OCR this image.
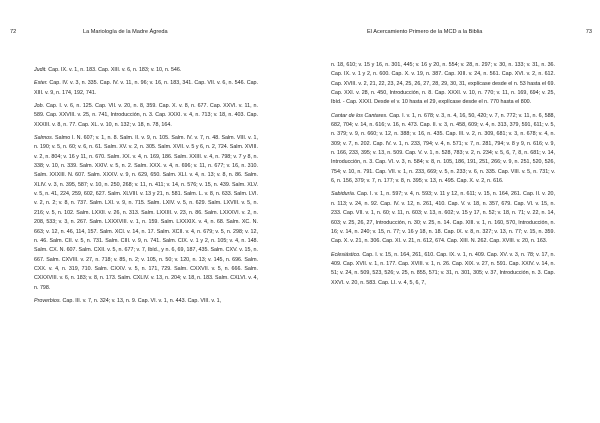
72	La Mariología de la Madre Ágreda

Judit. Cap. IX. v. 1, n. 183. Cap. XIII. v. 6, n. 183; v. 10, n. 546.

Ester. Cap. IV. v. 3, n. 335. Cap. IV. v. 11, n. 96; v. 16, n. 183, 341. Cap. VII. v. 6, n. 546. Cap. XIII. v. 9, n. 174, 192, 741.

Job. Cap. I. v. 6, n. 125. Cap. VII. v. 20, n. 8, 359. Cap. X. v. 8, n. 677. Cap. XXVI. v. 11, n. 589. Cap. XXVIII. v. 25, n. 741, Introducción, n. 3. Cap. XXXI. v. 4, n. 713; v. 18, n. 403. Cap. XXXIII. v. 8, n. 77. Cap. XL. v. 10, n. 132; v. 18, n. 78, 164.

Salmos. Salmo I. N. 607; v. 1, n. 8. Salm. II. v. 9, n. 105. Salm. IV. v. 7, n. 48. Salm. VIII. v. 1, n. 190; v. 5, n. 60; v. 6, n. 61. Salm. XV. v. 2, n. 305. Salm. XVII. v. 5 y 6, n. 2, 724. Salm. XVIII. v. 2, n. 804; v. 16 y 11, n. 670. Salm. XX. v. 4, n. 169, 186. Salm. XXIII. v. 4, n. 798; v. 7 y 8, n. 338; v. 10, n. 339. Salm. XXIV. v. 5, n. 2. Salm. XXX. v. 4, n. 696; v. 11, n. 677; v. 16, n. 310. Salm. XXXIII. N. 607. Salm. XXXV. v. 9, n. 629, 650. Salm. XLI. v. 4, n. 13; v. 8, n. 86. Salm. XLIV. v. 3, n. 395, 587; v. 10, n. 250, 268; v. 11, n. 411; v. 14, n. 576; v. 15, n. 439. Salm. XLV. v. 5, n. 41, 224, 259, 602, 627. Salm. XLVIII. v. 13 y 21, n. 581. Salm. L. v. 8, n. 633. Salm. LVI. v. 2, n. 2; v. 8, n. 737. Salm. LXI. v. 9, n. 715. Salm. LXIV. v. 5, n. 629. Salm. LXVIII. v. 5, n. 216; v. 5, n. 102. Salm. LXXII. v. 26, n. 313. Salm. LXXIII. v. 23, n. 86. Salm. LXXXVI. v. 2, n. 208, 533; v. 3, n. 267. Salm. LXXXVIII. v. 1, n. 159. Salm. LXXXIX. v. 4, n. 68. Salm. XC. N. 663; v. 12, n. 46, 114, 157. Salm. XCI. v. 14, n. 17. Salm. XCII. v. 4, n. 679; v. 5, n. 298; v. 12, n. 46. Salm. CII. v. 5, n. 731. Salm. CIII. v. 9, n. 741. Salm. CIX. v. 1 y 2, n. 105; v. 4, n. 148. Salm. CX. N. 607. Salm. CXII. v. 5, n. 677; v. 7, Ibíd., y n. 6, 69, 187, 435. Salm. CXV. v. 15, n. 667. Salm. CXVIII. v. 27, n. 718; v. 85, n. 2; v. 105, n. 50; v. 120, n. 13; v. 145, n. 696. Salm. CXX. v. 4, n. 319, 710. Salm. CXXV. v. 5, n. 171, 729. Salm. CXXVII. v. 5, n. 666. Salm. CXXXVIII. v. 6, n. 183; v. 8, n. 173. Salm. CXLIV. v. 13, n. 204; v. 18, n. 183. Salm. CXLVI. v. 4, n. 798.

Proverbios. Cap. III. v. 7, n. 324; v. 13, n. 9. Cap. VI. v. 1, n. 443. Cap. VIII. v. 1,

El Acercamiento Primero de la MCD a la Biblia	73

n. 18, 610; v. 15 y 16, n. 301, 445; v. 16 y 20, n. 554; v. 28, n. 297; v. 30, n. 133; v. 31, n. 36. Cap. IX. v. 1 y 2, n. 600. Cap. X. v. 19, n. 387. Cap. XIII. v. 24, n. 561. Cap. XVI. v. 2, n. 612. Cap. XVIII. v. 2, 21, 22, 23, 24, 25, 26, 27, 28, 29, 30, 31, explícase desde el n. 53 hasta el 69. Cap. XXI. v. 28, n. 450, Introducción, n. 8. Cap. XXXI. v. 10, n. 770; v. 11, n. 169, 694; v. 25, Ibíd. - Cap. XXXI. Desde el v. 10 hasta el 29, explícase desde el n. 770 hasta el 800.

Cantar de los Cantares. Cap. I. v. 1, n. 678; v. 3, n. 4, 16, 50, 420; v. 7, n. 772; v. 11, n. 6, 588, 682, 704; v. 14, n. 616; v. 16, n. 473. Cap. II. v. 3, n. 458, 609; v. 4, n. 313, 379, 591, 611; v. 5, n. 379; v. 9, n. 660; v. 12, n. 388; v. 16, n. 435. Cap. III. v. 2, n. 309, 681; v. 3, n. 678; v. 4, n. 309; v. 7, n. 202. Cap. IV. v. 1, n. 233, 794; v. 4, n. 571; v. 7, n. 281, 794; v. 8 y 9, n. 616; v. 9, n. 166, 233, 395; v. 13, n. 509. Cap. V. v. 1, n. 528, 783; v. 2, n. 234; v. 5, 6, 7, 8, n. 681; v. 14, Introducción, n. 3. Cap. VI. v. 3, n. 584; v. 8, n. 105, 186, 191, 251, 266; v. 9, n. 251, 520, 526, 754; v. 10, n. 791. Cap. VII. v. 1, n. 233, 669; v. 5, n. 233; v. 6, n. 335. Cap. VIII. v. 5, n. 731; v. 6, n. 156, 379; v. 7, n. 177; v. 8, n. 395; v. 13, n. 495. Cap. X. v. 2, n. 616.

Sabiduría. Cap. I. v. 1, n. 597; v. 4, n. 593; v. 11 y 12, n. 611; v. 15, n. 164, 261. Cap. II. v. 20, n. 113; v. 24, n. 92. Cap. IV. v. 12, n. 261, 410. Cap. V. v. 18, n. 357, 679. Cap. VI. v. 15, n. 233. Cap. VII. v. 1, n. 60; v. 11, n. 603; v. 13, n. 602; v. 15 y 17, n. 52; v. 18, n. 71; v. 22, n. 14, 603; v. 25, 26, 27, Introducción, n. 30; v. 25, n. 14. Cap. XIII. v. 1, n. 160, 570, Introducción, n. 16; v. 14, n. 240; v. 15, n. 77; v. 16 y 18, n. 18. Cap. IX. v. 8, n. 327; v. 13, n. 77; v. 15, n. 359. Cap. X. v. 21, n. 306. Cap. XI. v. 21, n. 612, 674. Cap. XIII. N. 262. Cap. XVIII. v. 20, n. 163.

Eclesiástico. Cap. I. v. 15, n. 164, 261, 610. Cap. IX. v. 1, n. 409. Cap. XV. v. 3, n. 78; v. 17, n. 409. Cap. XVII. v. 1, n. 177. Cap. XVIII. v. 1, n. 26. Cap. XIX. v. 27, n. 591. Cap. XXIV. v. 14, n. 51; v. 24, n. 509, 523, 526; v. 25, n. 855, 571; v. 31, n. 301, 305; v. 37, Introducción, n. 3. Cap. XXVI. v. 20, n. 583. Cap. LI. v. 4, 5, 6, 7,
